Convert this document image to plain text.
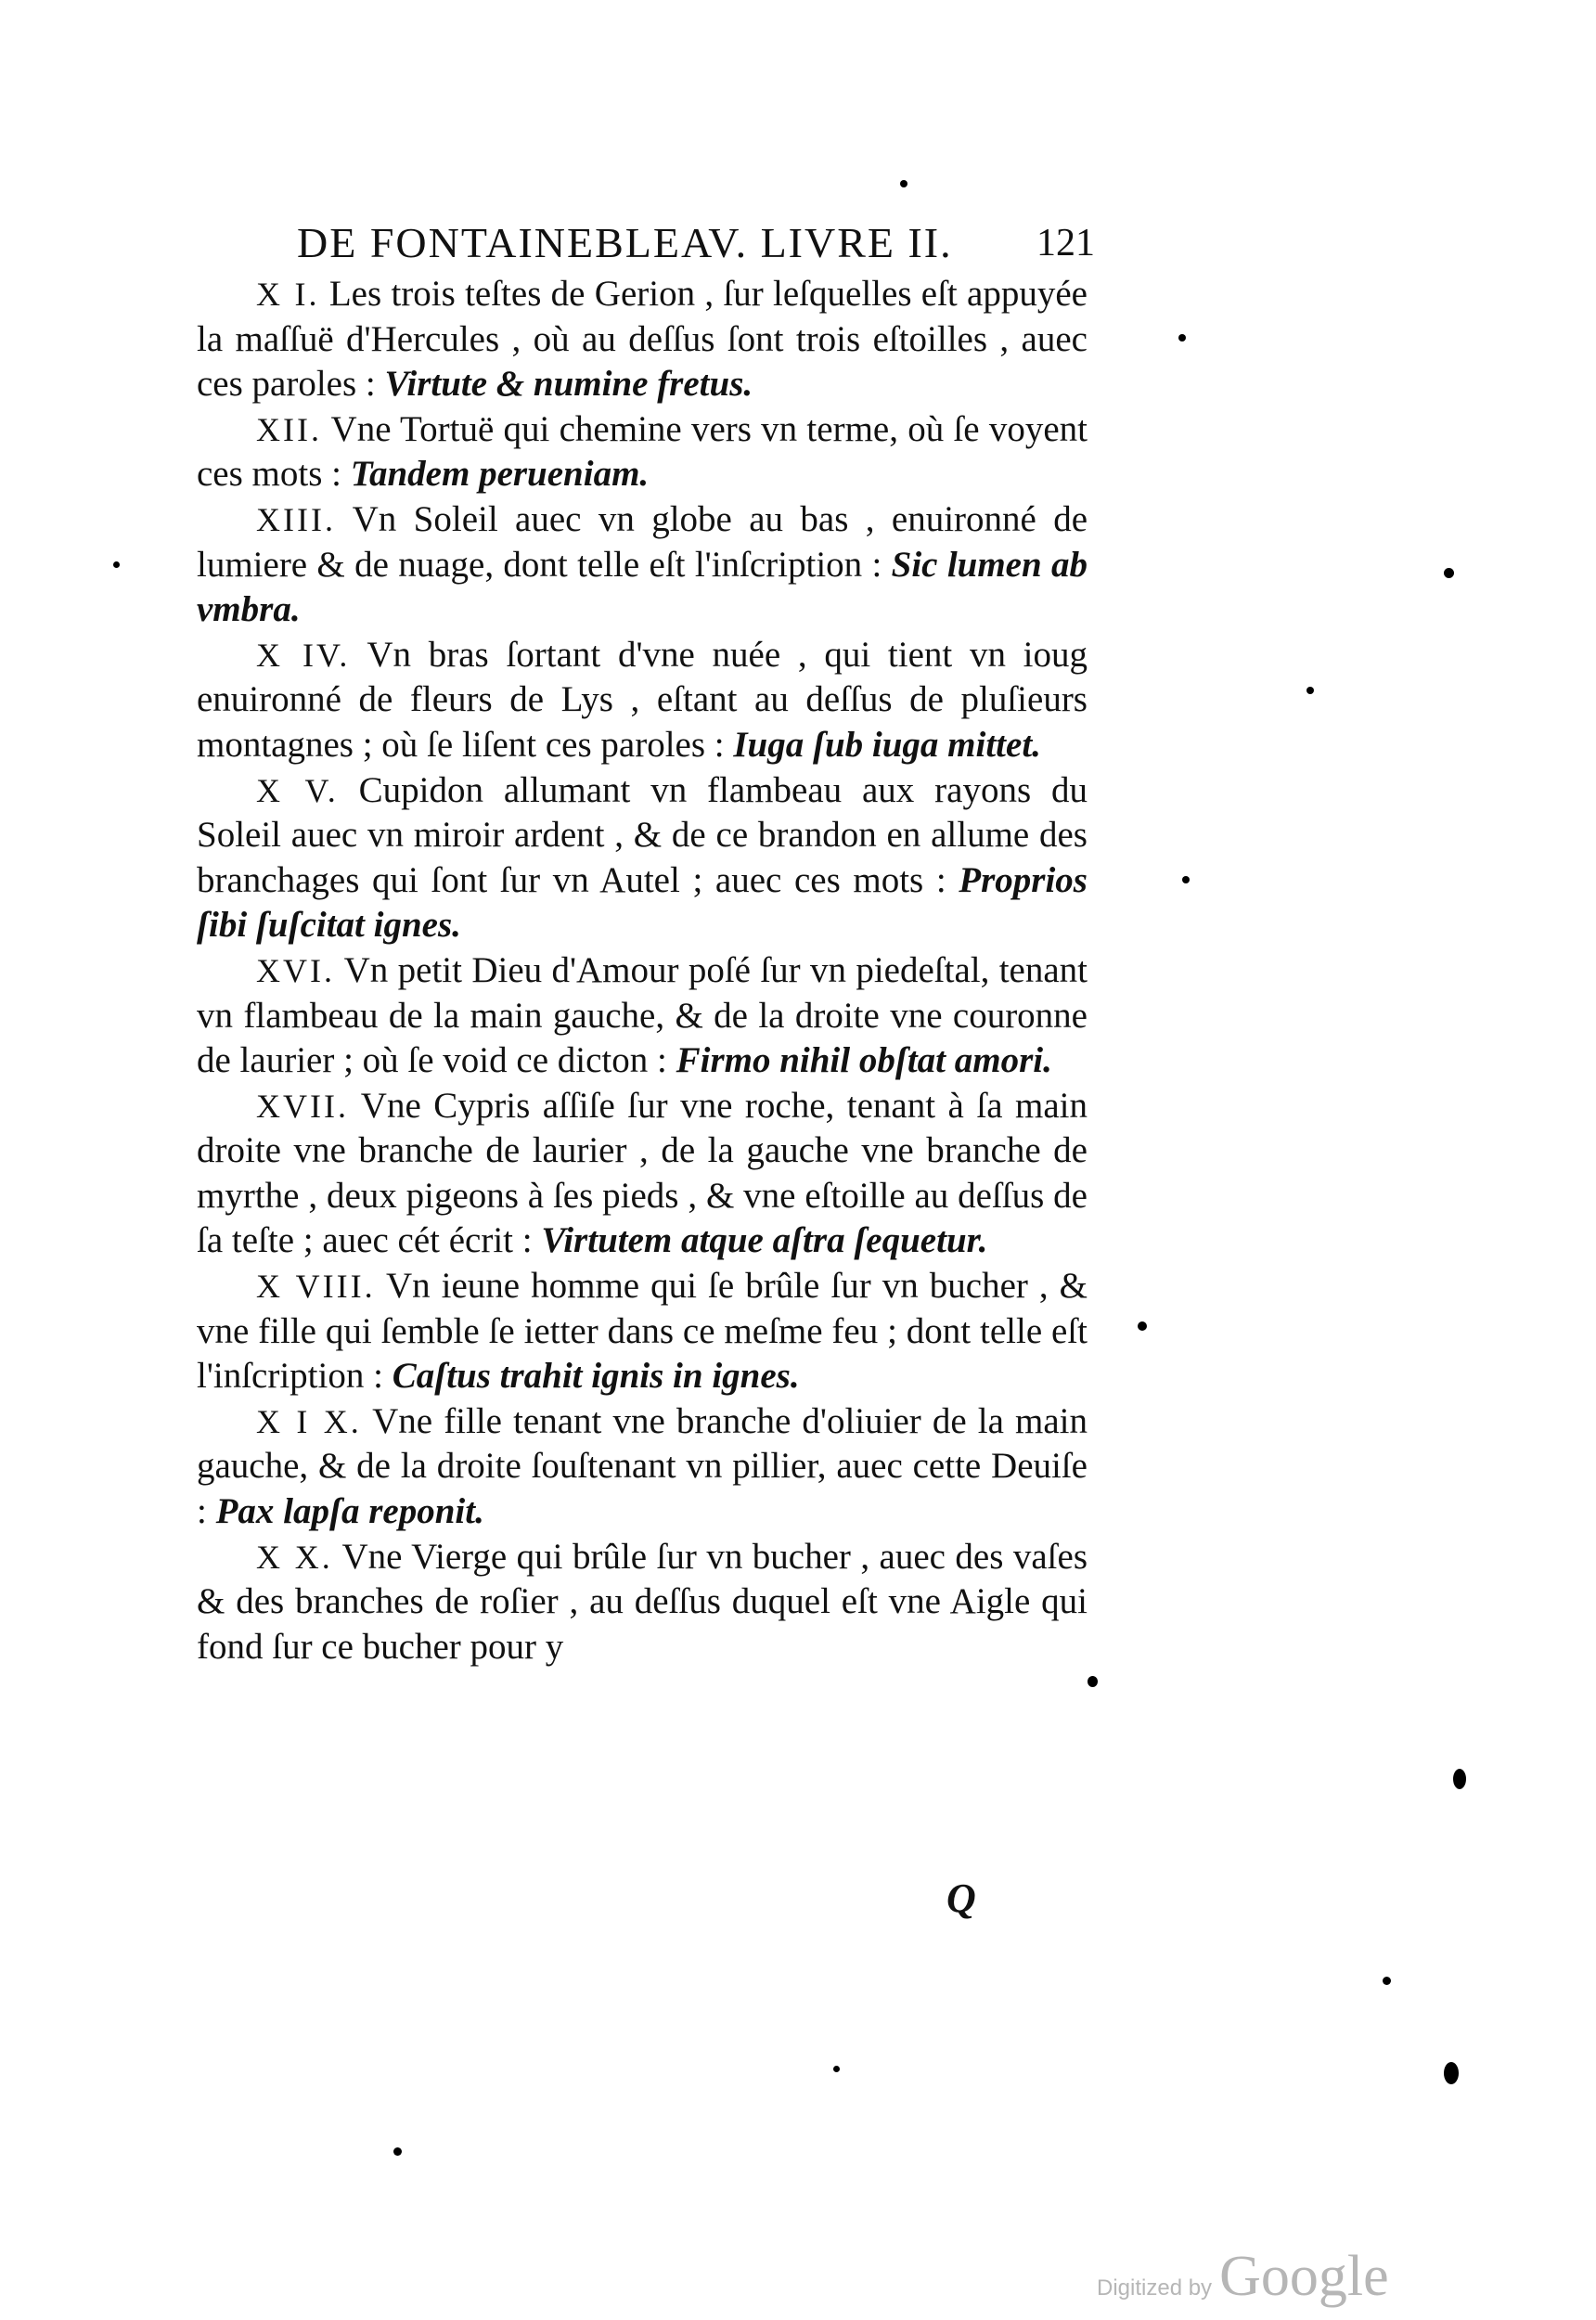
DE FONTAINEBLEAV. LIVRE II. 121

X I. Les trois teſtes de Gerion , ſur leſquelles eſt appuyée la maſſuë d'Hercules , où au deſſus ſont trois eſtoilles , auec ces paroles : Virtute & numine fretus.

XII. Vne Tortuë qui chemine vers vn terme, où ſe voyent ces mots : Tandem perueniam.

XIII. Vn Soleil auec vn globe au bas , enuironné de lumiere & de nuage, dont telle eſt l'inſcription : Sic lumen ab vmbra.

X IV. Vn bras ſortant d'vne nuée , qui tient vn ioug enuironné de fleurs de Lys , eſtant au deſſus de pluſieurs montagnes ; où ſe liſent ces paroles : Iuga ſub iuga mittet.

X V. Cupidon allumant vn flambeau aux rayons du Soleil auec vn miroir ardent , & de ce brandon en allume des branchages qui ſont ſur vn Autel ; auec ces mots : Proprios ſibi ſuſcitat ignes.

XVI. Vn petit Dieu d'Amour poſé ſur vn piedeſtal, tenant vn flambeau de la main gauche, & de la droite vne couronne de laurier ; où ſe void ce dicton : Firmo nihil obſtat amori.

XVII. Vne Cypris aſſiſe ſur vne roche, tenant à ſa main droite vne branche de laurier , de la gauche vne branche de myrthe , deux pigeons à ſes pieds , & vne eſtoille au deſſus de ſa teſte ; auec cét écrit : Virtutem atque aſtra ſequetur.

X VIII. Vn ieune homme qui ſe brûle ſur vn bucher , & vne fille qui ſemble ſe ietter dans ce meſme feu ; dont telle eſt l'inſcription : Caſtus trahit ignis in ignes.

X I X. Vne fille tenant vne branche d'oliuier de la main gauche, & de la droite ſouſtenant vn pillier, auec cette Deuiſe : Pax lapſa reponit.

X X. Vne Vierge qui brûle ſur vn bucher , auec des vaſes & des branches de roſier , au deſſus duquel eſt vne Aigle qui fond ſur ce bucher pour y

Q
Digitized by Google
